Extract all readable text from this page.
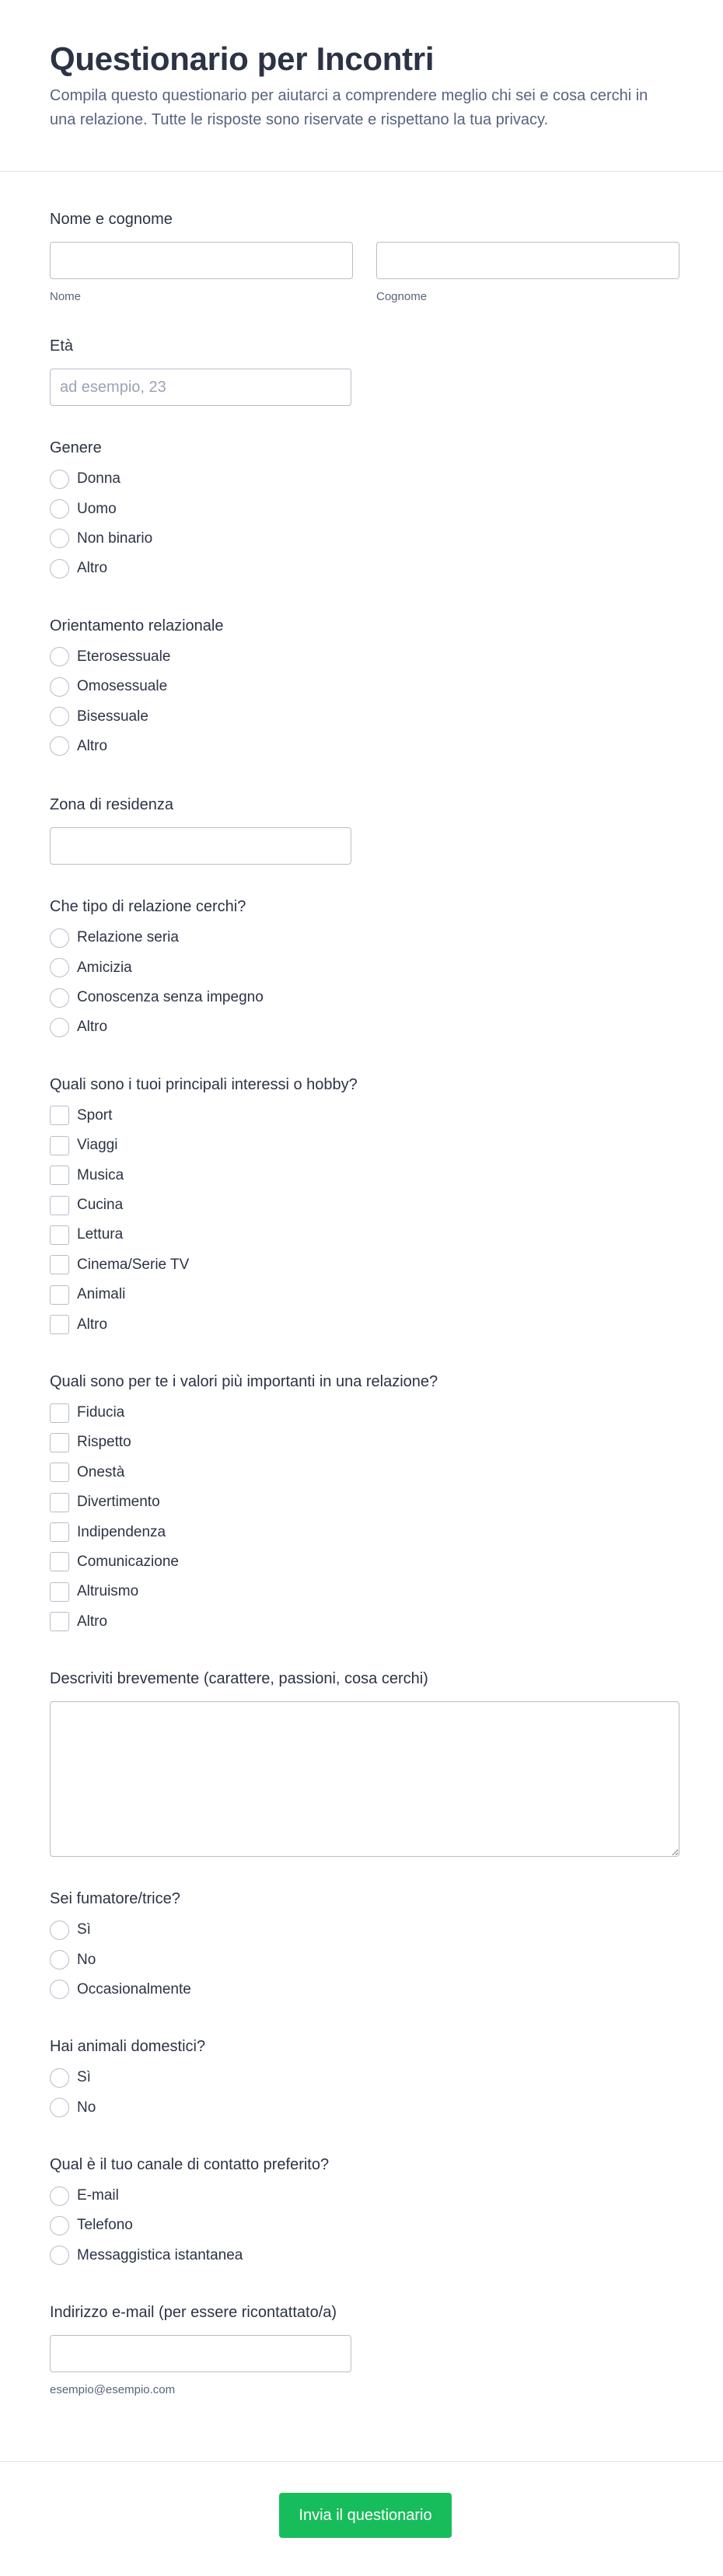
Questionario per Incontri

Compila questo questionario per aiutarci a comprendere meglio chi sei e cosa cerchi in una relazione. Tutte le risposte sono riservate e rispettano la tua privacy.

Nome e cognome
Nome	Cognome
Età
ad esempio, 23
Genere
Donna
Uomo
Non binario
Altro
Orientamento relazionale
Eterosessuale
Omosessuale
Bisessuale
Altro
Zona di residenza
Che tipo di relazione cerchi?
Relazione seria
Amicizia
Conoscenza senza impegno
Altro
Quali sono i tuoi principali interessi o hobby?
Sport
Viaggi
Musica
Cucina
Lettura
Cinema/Serie TV
Animali
Altro
Quali sono per te i valori più importanti in una relazione?
Fiducia
Rispetto
Onestà
Divertimento
Indipendenza
Comunicazione
Altruismo
Altro
Descriviti brevemente (carattere, passioni, cosa cerchi)
Sei fumatore/trice?
Sì
No
Occasionalmente
Hai animali domestici?
Sì
No
Qual è il tuo canale di contatto preferito?
E-mail
Telefono
Messaggistica istantanea
Indirizzo e-mail (per essere ricontattato/a)
esempio@esempio.com
Invia il questionario
